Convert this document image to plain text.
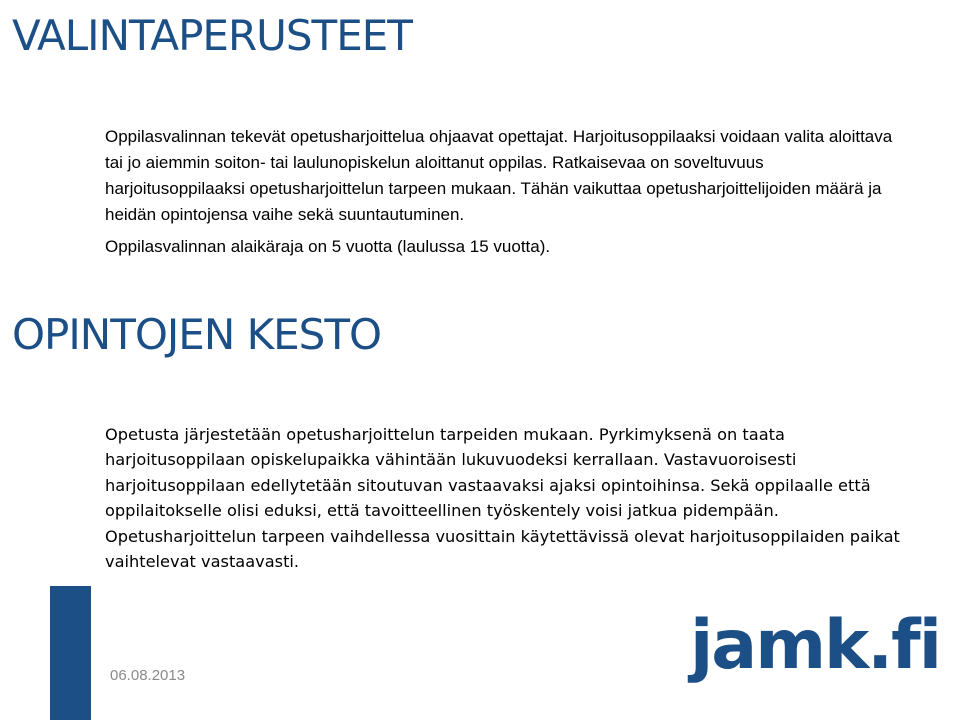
VALINTAPERUSTEET

Oppilasvalinnan tekevät opetusharjoittelua ohjaavat opettajat. Harjoitusoppilaaksi voidaan valita aloittava tai jo aiemmin soiton- tai laulunopiskelun aloittanut oppilas. Ratkaisevaa on soveltuvuus harjoitusoppilaaksi opetusharjoittelun tarpeen mukaan. Tähän vaikuttaa opetusharjoittelijoiden määrä ja heidän opintojensa vaihe sekä suuntautuminen.

Oppilasvalinnan alaikäraja on 5 vuotta (laulussa 15 vuotta).

OPINTOJEN KESTO

Opetusta järjestetään opetusharjoittelun tarpeiden mukaan. Pyrkimyksenä on taata harjoitusoppilaan opiskelupaikka vähintään lukuvuodeksi kerrallaan. Vastavuoroisesti harjoitusoppilaan edellytetään sitoutuvan vastaavaksi ajaksi opintoihinsa. Sekä oppilaalle että oppilaitokselle olisi eduksi, että tavoitteellinen työskentely voisi jatkua pidempään. Opetusharjoittelun tarpeen vaihdellessa vuosittain käytettävissä olevat harjoitusoppilaiden paikat vaihtelevat vastaavasti.

06.08.2013	jamk.fi
